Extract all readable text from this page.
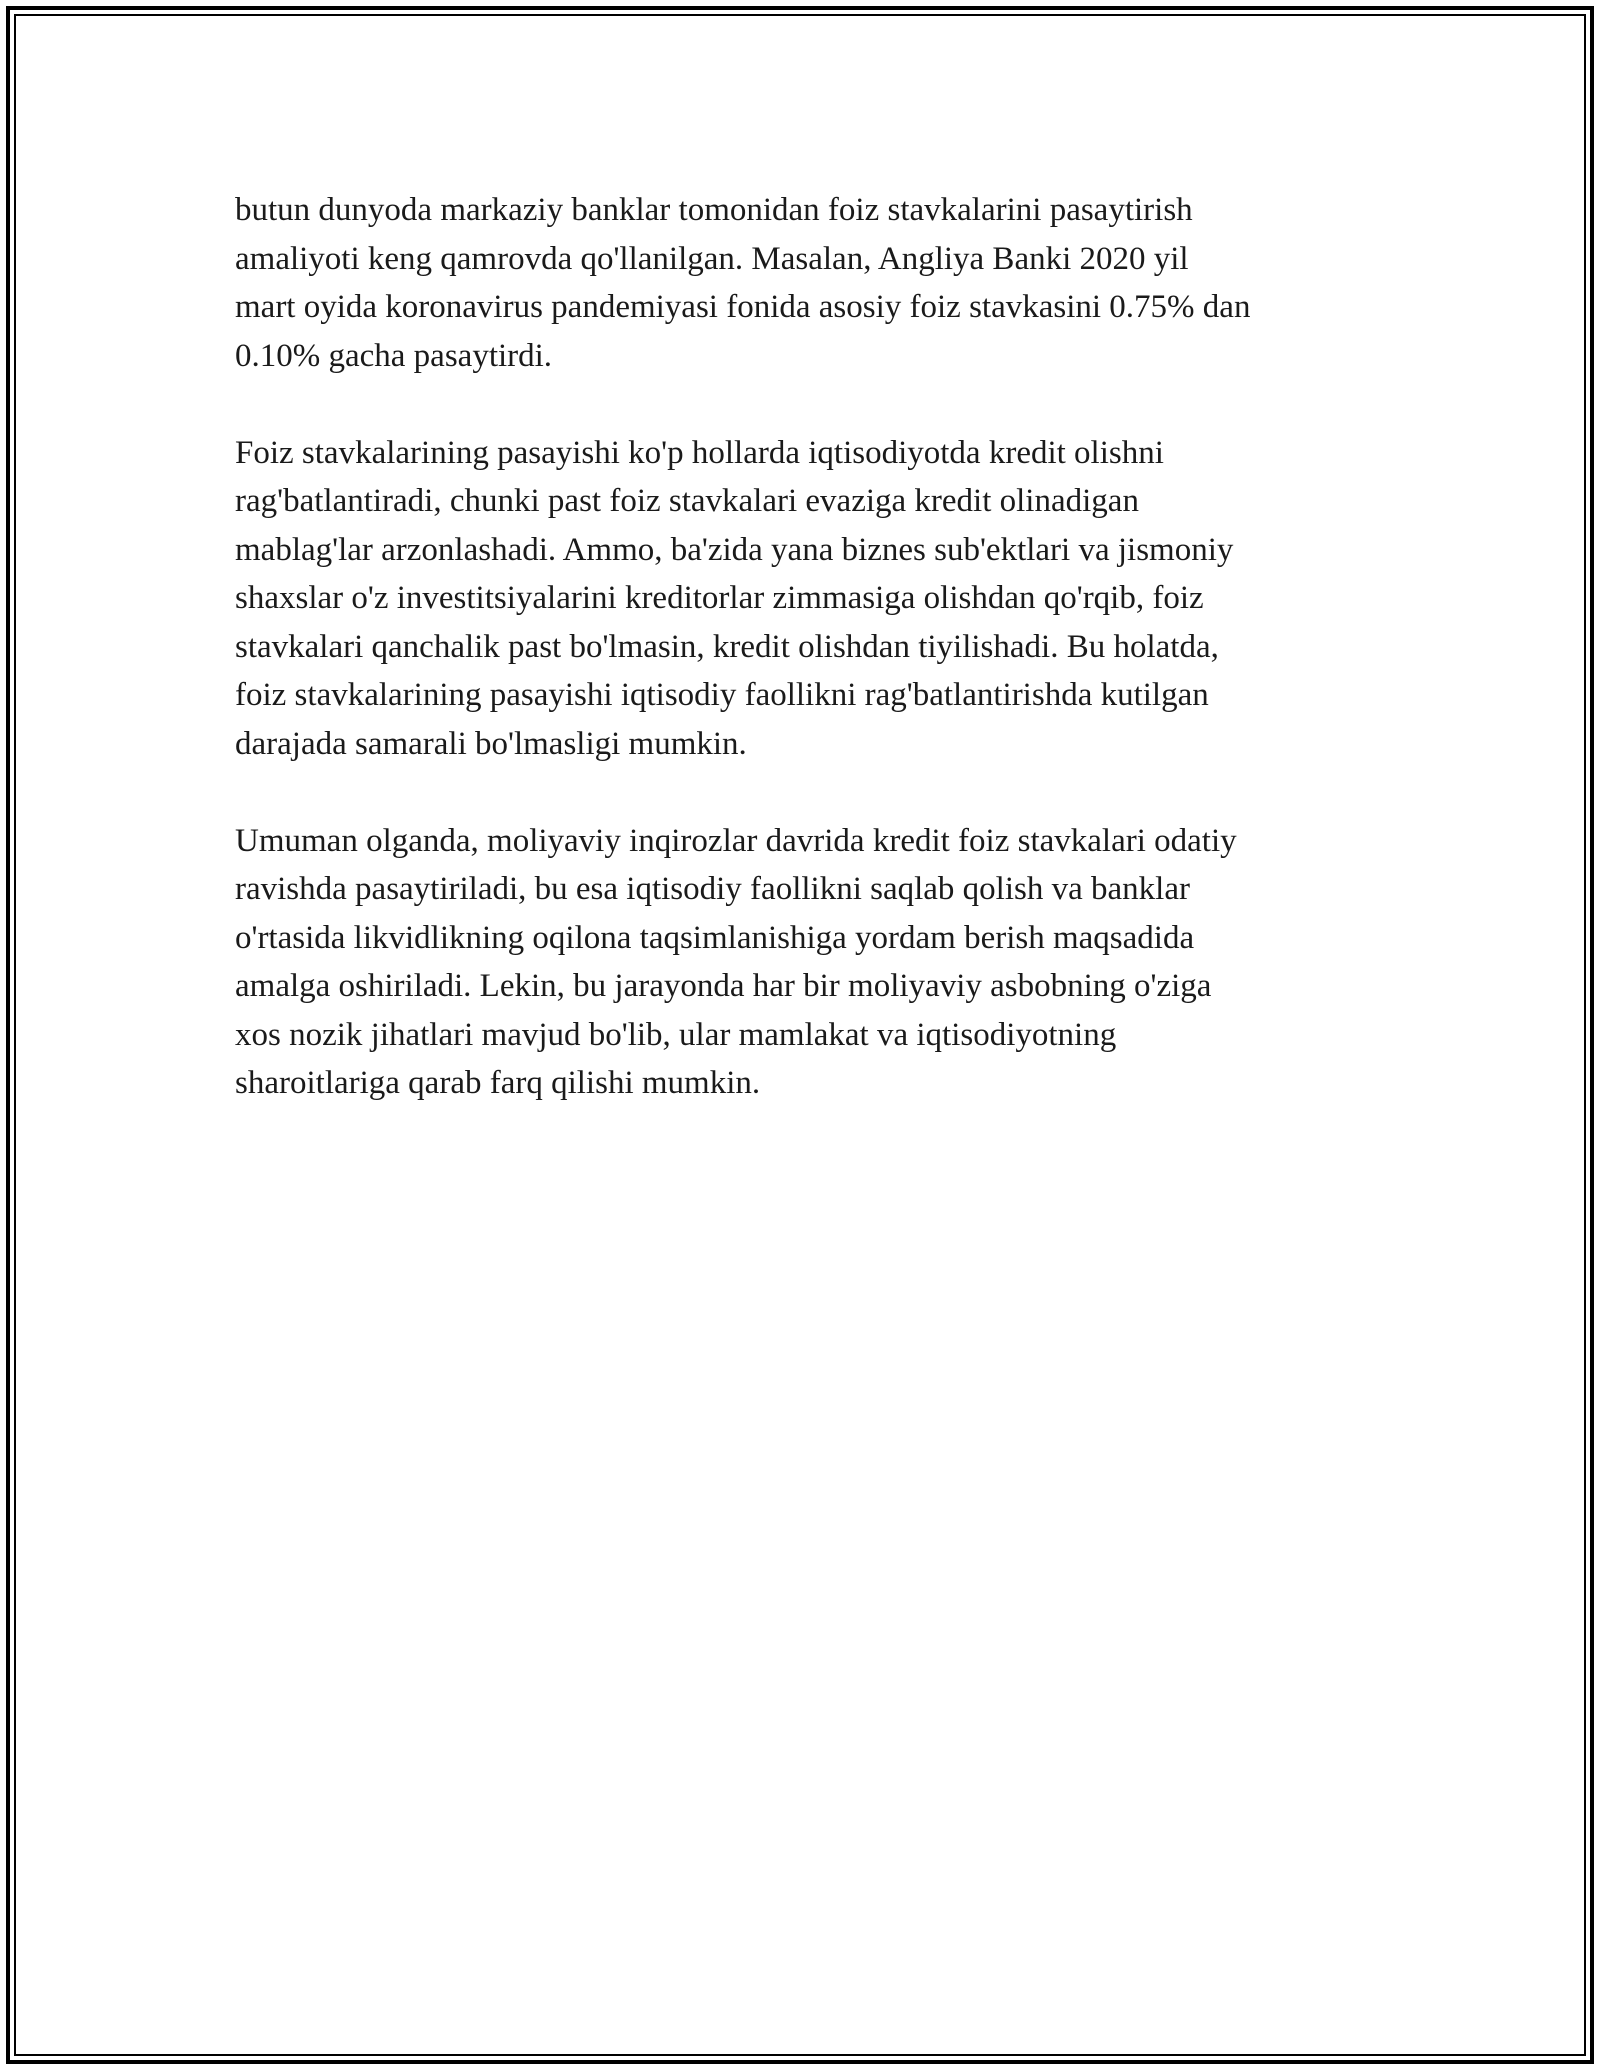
butun dunyoda markaziy banklar tomonidan foiz stavkalarini pasaytirish
amaliyoti keng qamrovda qo'llanilgan. Masalan, Angliya Banki 2020 yil
mart oyida koronavirus pandemiyasi fonida asosiy foiz stavkasini 0.75% dan
0.10% gacha pasaytirdi.

Foiz stavkalarining pasayishi ko'p hollarda iqtisodiyotda kredit olishni
rag'batlantiradi, chunki past foiz stavkalari evaziga kredit olinadigan
mablag'lar arzonlashadi. Ammo, ba'zida yana biznes sub'ektlari va jismoniy
shaxslar o'z investitsiyalarini kreditorlar zimmasiga olishdan qo'rqib, foiz
stavkalari qanchalik past bo'lmasin, kredit olishdan tiyilishadi. Bu holatda,
foiz stavkalarining pasayishi iqtisodiy faollikni rag'batlantirishda kutilgan
darajada samarali bo'lmasligi mumkin.

Umuman olganda, moliyaviy inqirozlar davrida kredit foiz stavkalari odatiy
ravishda pasaytiriladi, bu esa iqtisodiy faollikni saqlab qolish va banklar
o'rtasida likvidlikning oqilona taqsimlanishiga yordam berish maqsadida
amalga oshiriladi. Lekin, bu jarayonda har bir moliyaviy asbobning o'ziga
xos nozik jihatlari mavjud bo'lib, ular mamlakat va iqtisodiyotning
sharoitlariga qarab farq qilishi mumkin.
